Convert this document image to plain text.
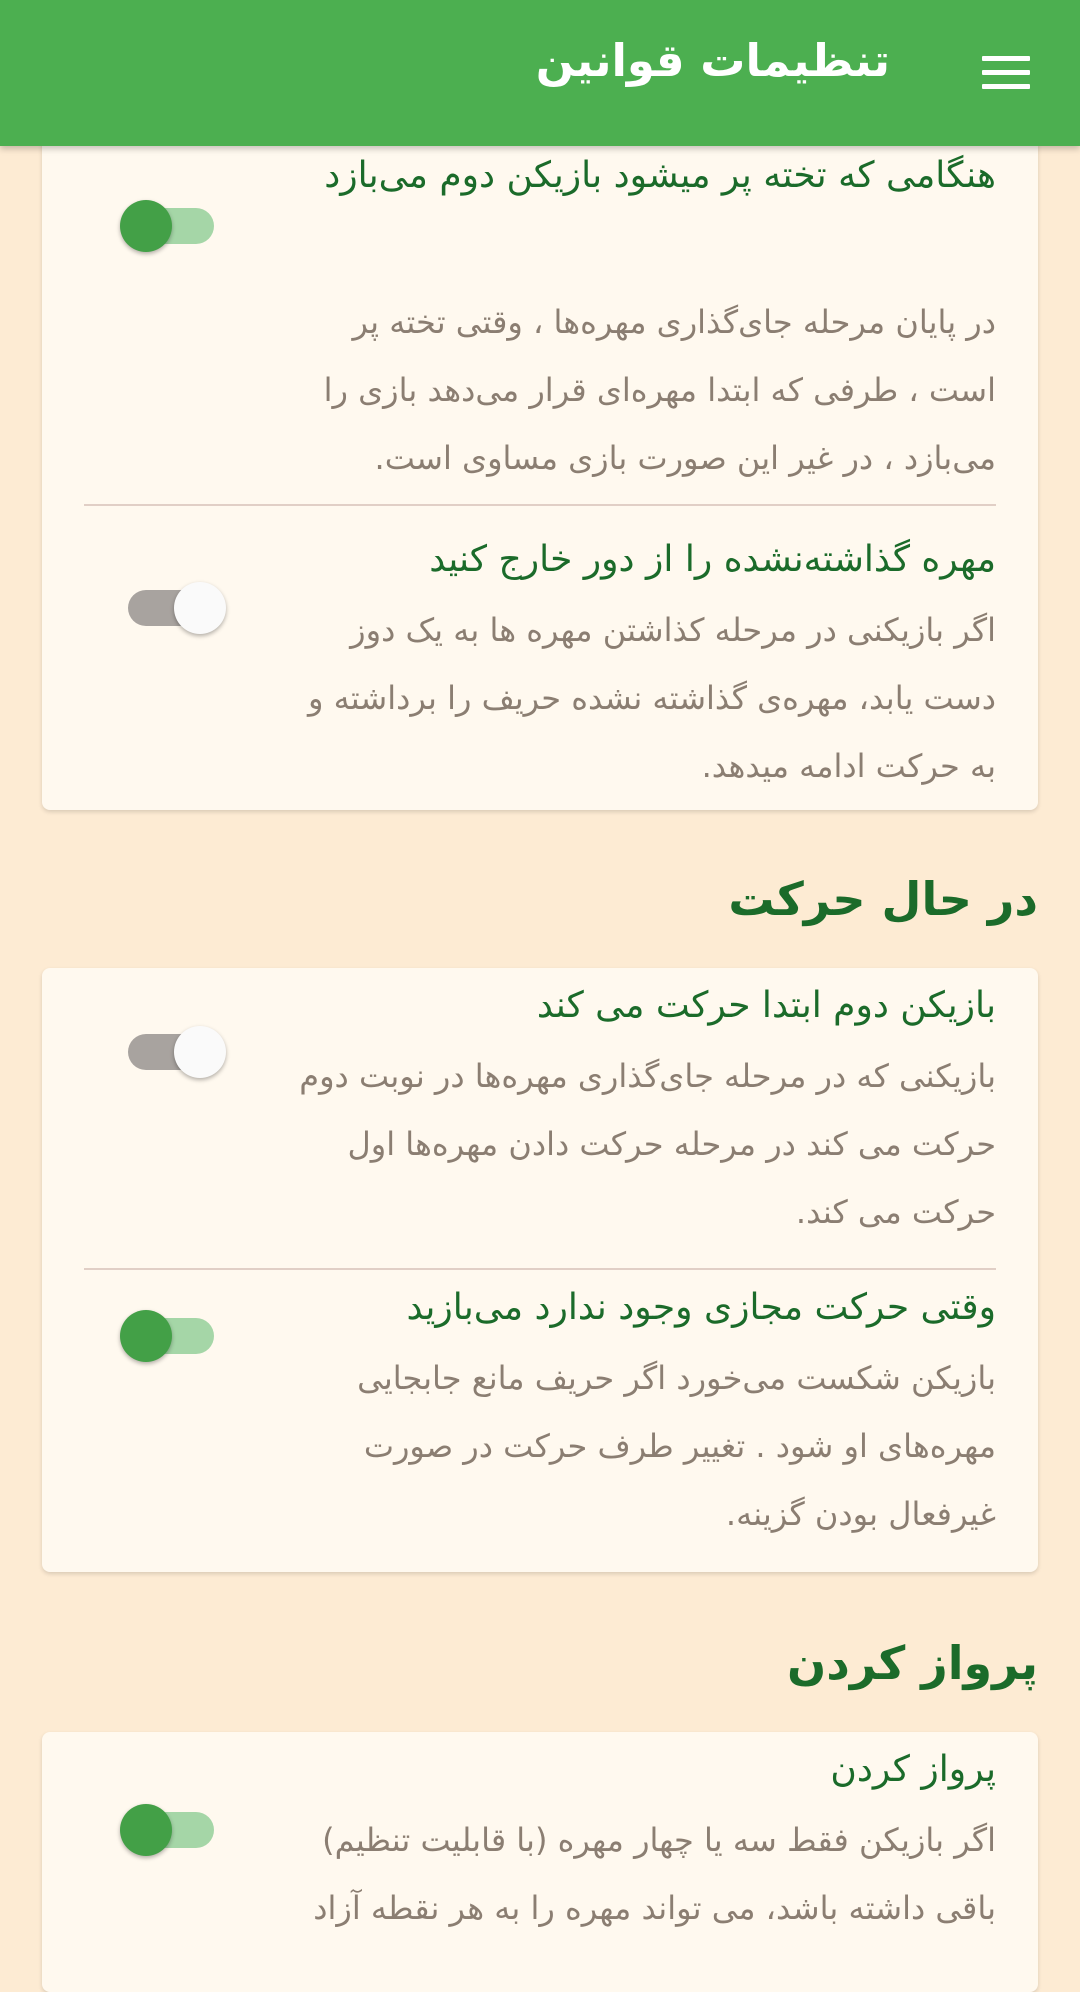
هنگامی که تخته پر میشود بازیکن دوم می‌بازد
در پایان مرحله جای‌گذاری مهره‌ها ، وقتی تخته پر است ، طرفی که ابتدا مهره‌ای قرار می‌دهد بازی را می‌بازد ، در غیر این صورت بازی مساوی است.
مهره گذاشته‌نشده را از دور خارج کنید
اگر بازیکنی در مرحله کذاشتن مهره ها به یک دوز دست یابد، مهره‌ی گذاشته نشده حریف را برداشته و به حرکت ادامه میدهد.
در حال حرکت
بازیکن دوم ابتدا حرکت می کند
بازیکنی که در مرحله جای‌گذاری مهره‌ها در نوبت دوم حرکت می کند در مرحله حرکت دادن مهره‌ها اول حرکت می کند.
وقتی حرکت مجازی وجود ندارد می‌بازید
بازیکن شکست می‌خورد اگر حریف مانع جابجایی مهره‌های او شود . تغییر طرف حرکت در صورت غیرفعال بودن گزینه.
پرواز کردن
پرواز کردن
اگر بازیکن فقط سه یا چهار مهره (با قابلیت تنظیم) باقی داشته باشد، می تواند مهره را به هر نقطه آزاد
تنظیمات قوانین
